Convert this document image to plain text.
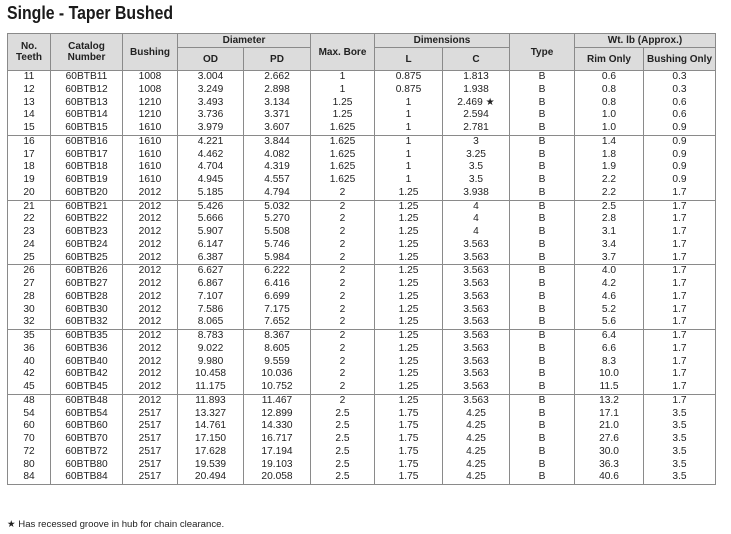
Single - Taper Bushed
No. Teeth	Catalog Number	Bushing	Diameter		Max. Bore	Dimensions		Type	Wt. lb (Approx.)	
			OD	PD		L	C		Rim Only	Bushing Only
11	60BTB11	1008	3.004	2.662	1	0.875	1.813	B	0.6	0.3
12	60BTB12	1008	3.249	2.898	1	0.875	1.938	B	0.8	0.3
13	60BTB13	1210	3.493	3.134	1.25	1	2.469 ★	B	0.8	0.6
14	60BTB14	1210	3.736	3.371	1.25	1	2.594	B	1.0	0.6
15	60BTB15	1610	3.979	3.607	1.625	1	2.781	B	1.0	0.9
16	60BTB16	1610	4.221	3.844	1.625	1	3	B	1.4	0.9
17	60BTB17	1610	4.462	4.082	1.625	1	3.25	B	1.8	0.9
18	60BTB18	1610	4.704	4.319	1.625	1	3.5	B	1.9	0.9
19	60BTB19	1610	4.945	4.557	1.625	1	3.5	B	2.2	0.9
20	60BTB20	2012	5.185	4.794	2	1.25	3.938	B	2.2	1.7
21	60BTB21	2012	5.426	5.032	2	1.25	4	B	2.5	1.7
22	60BTB22	2012	5.666	5.270	2	1.25	4	B	2.8	1.7
23	60BTB23	2012	5.907	5.508	2	1.25	4	B	3.1	1.7
24	60BTB24	2012	6.147	5.746	2	1.25	3.563	B	3.4	1.7
25	60BTB25	2012	6.387	5.984	2	1.25	3.563	B	3.7	1.7
26	60BTB26	2012	6.627	6.222	2	1.25	3.563	B	4.0	1.7
27	60BTB27	2012	6.867	6.416	2	1.25	3.563	B	4.2	1.7
28	60BTB28	2012	7.107	6.699	2	1.25	3.563	B	4.6	1.7
30	60BTB30	2012	7.586	7.175	2	1.25	3.563	B	5.2	1.7
32	60BTB32	2012	8.065	7.652	2	1.25	3.563	B	5.6	1.7
35	60BTB35	2012	8.783	8.367	2	1.25	3.563	B	6.4	1.7
36	60BTB36	2012	9.022	8.605	2	1.25	3.563	B	6.6	1.7
40	60BTB40	2012	9.980	9.559	2	1.25	3.563	B	8.3	1.7
42	60BTB42	2012	10.458	10.036	2	1.25	3.563	B	10.0	1.7
45	60BTB45	2012	11.175	10.752	2	1.25	3.563	B	11.5	1.7
48	60BTB48	2012	11.893	11.467	2	1.25	3.563	B	13.2	1.7
54	60BTB54	2517	13.327	12.899	2.5	1.75	4.25	B	17.1	3.5
60	60BTB60	2517	14.761	14.330	2.5	1.75	4.25	B	21.0	3.5
70	60BTB70	2517	17.150	16.717	2.5	1.75	4.25	B	27.6	3.5
72	60BTB72	2517	17.628	17.194	2.5	1.75	4.25	B	30.0	3.5
80	60BTB80	2517	19.539	19.103	2.5	1.75	4.25	B	36.3	3.5
84	60BTB84	2517	20.494	20.058	2.5	1.75	4.25	B	40.6	3.5
★ Has recessed groove in hub for chain clearance.
